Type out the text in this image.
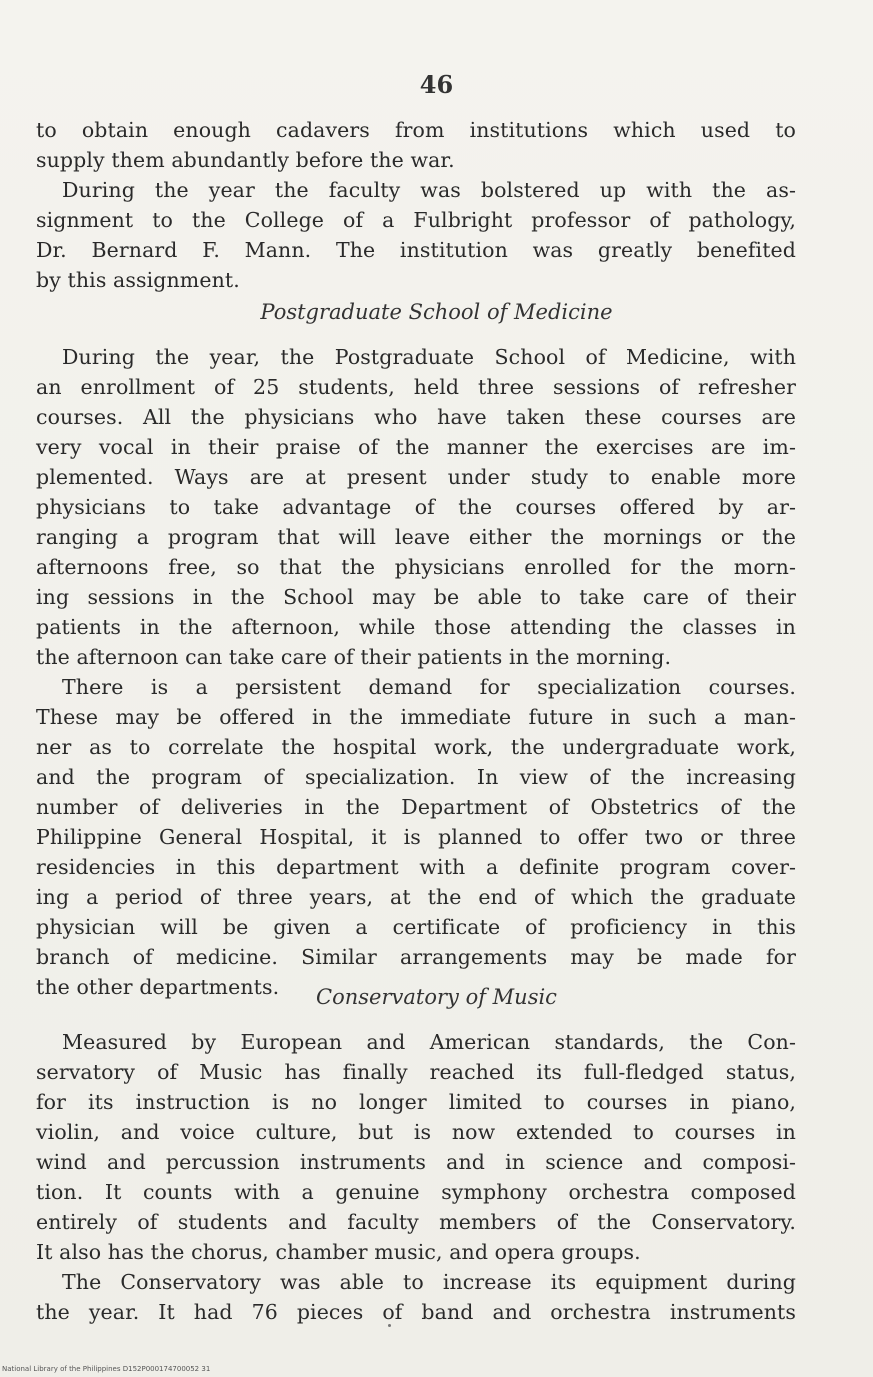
46
to obtain enough cadavers from institutions which used to
supply them abundantly before the war.
During the year the faculty was bolstered up with the as-
signment to the College of a Fulbright professor of pathology,
Dr. Bernard F. Mann. The institution was greatly benefited
by this assignment.
Postgraduate School of Medicine
During the year, the Postgraduate School of Medicine, with
an enrollment of 25 students, held three sessions of refresher
courses. All the physicians who have taken these courses are
very vocal in their praise of the manner the exercises are im-
plemented. Ways are at present under study to enable more
physicians to take advantage of the courses offered by ar-
ranging a program that will leave either the mornings or the
afternoons free, so that the physicians enrolled for the morn-
ing sessions in the School may be able to take care of their
patients in the afternoon, while those attending the classes in
the afternoon can take care of their patients in the morning.
There is a persistent demand for specialization courses.
These may be offered in the immediate future in such a man-
ner as to correlate the hospital work, the undergraduate work,
and the program of specialization. In view of the increasing
number of deliveries in the Department of Obstetrics of the
Philippine General Hospital, it is planned to offer two or three
residencies in this department with a definite program cover-
ing a period of three years, at the end of which the graduate
physician will be given a certificate of proficiency in this
branch of medicine. Similar arrangements may be made for
the other departments.	Conservatory of Music
Measured by European and American standards, the Con-
servatory of Music has finally reached its full-fledged status,
for its instruction is no longer limited to courses in piano,
violin, and voice culture, but is now extended to courses in
wind and percussion instruments and in science and composi-
tion. It counts with a genuine symphony orchestra composed
entirely of students and faculty members of the Conservatory.
It also has the chorus, chamber music, and opera groups.
The Conservatory was able to increase its equipment during
the year. It had 76 pieces of band and orchestra instruments
National Library of the Philippines D152P000174700052 31
